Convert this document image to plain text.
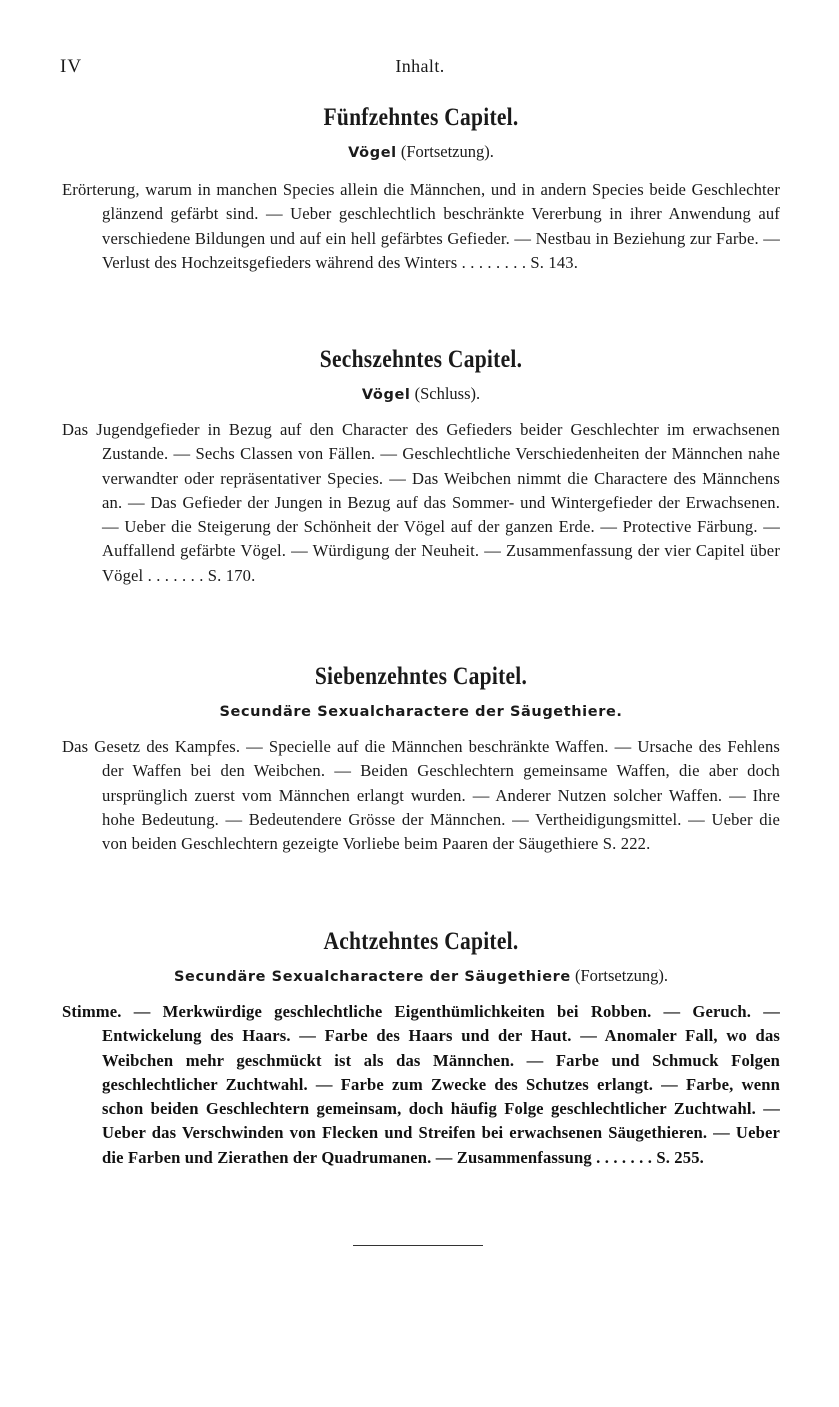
IV	Inhalt.
Fünfzehntes Capitel.
Vögel (Fortsetzung).

Erörterung, warum in manchen Species allein die Männchen, und in andern Species beide Geschlechter glänzend gefärbt sind. — Ueber geschlechtlich beschränkte Vererbung in ihrer Anwendung auf verschiedene Bildungen und auf ein hell gefärbtes Gefieder. — Nestbau in Beziehung zur Farbe. — Verlust des Hochzeitsgefieders während des Winters . . . . . . . . S. 143.

Sechszehntes Capitel.
Vögel (Schluss).

Das Jugendgefieder in Bezug auf den Character des Gefieders beider Geschlechter im erwachsenen Zustande. — Sechs Classen von Fällen. — Geschlechtliche Verschiedenheiten der Männchen nahe verwandter oder repräsentativer Species. — Das Weibchen nimmt die Charactere des Männchens an. — Das Gefieder der Jungen in Bezug auf das Sommer- und Wintergefieder der Erwachsenen. — Ueber die Steigerung der Schönheit der Vögel auf der ganzen Erde. — Protective Färbung. — Auffallend gefärbte Vögel. — Würdigung der Neuheit. — Zusammenfassung der vier Capitel über Vögel . . . . . . . S. 170.

Siebenzehntes Capitel.
Secundäre Sexualcharactere der Säugethiere.

Das Gesetz des Kampfes. — Specielle auf die Männchen beschränkte Waffen. — Ursache des Fehlens der Waffen bei den Weibchen. — Beiden Geschlechtern gemeinsame Waffen, die aber doch ursprünglich zuerst vom Männchen erlangt wurden. — Anderer Nutzen solcher Waffen. — Ihre hohe Bedeutung. — Bedeutendere Grösse der Männchen. — Vertheidigungsmittel. — Ueber die von beiden Geschlechtern gezeigte Vorliebe beim Paaren der Säugethiere S. 222.

Achtzehntes Capitel.
Secundäre Sexualcharactere der Säugethiere (Fortsetzung).

Stimme. — Merkwürdige geschlechtliche Eigenthümlichkeiten bei Robben. — Geruch. — Entwickelung des Haars. — Farbe des Haars und der Haut. — Anomaler Fall, wo das Weibchen mehr geschmückt ist als das Männchen. — Farbe und Schmuck Folgen geschlechtlicher Zuchtwahl. — Farbe zum Zwecke des Schutzes erlangt. — Farbe, wenn schon beiden Geschlechtern gemeinsam, doch häufig Folge geschlechtlicher Zuchtwahl. — Ueber das Verschwinden von Flecken und Streifen bei erwachsenen Säugethieren. — Ueber die Farben und Zierathen der Quadrumanen. — Zusammenfassung . . . . . . . S. 255.
